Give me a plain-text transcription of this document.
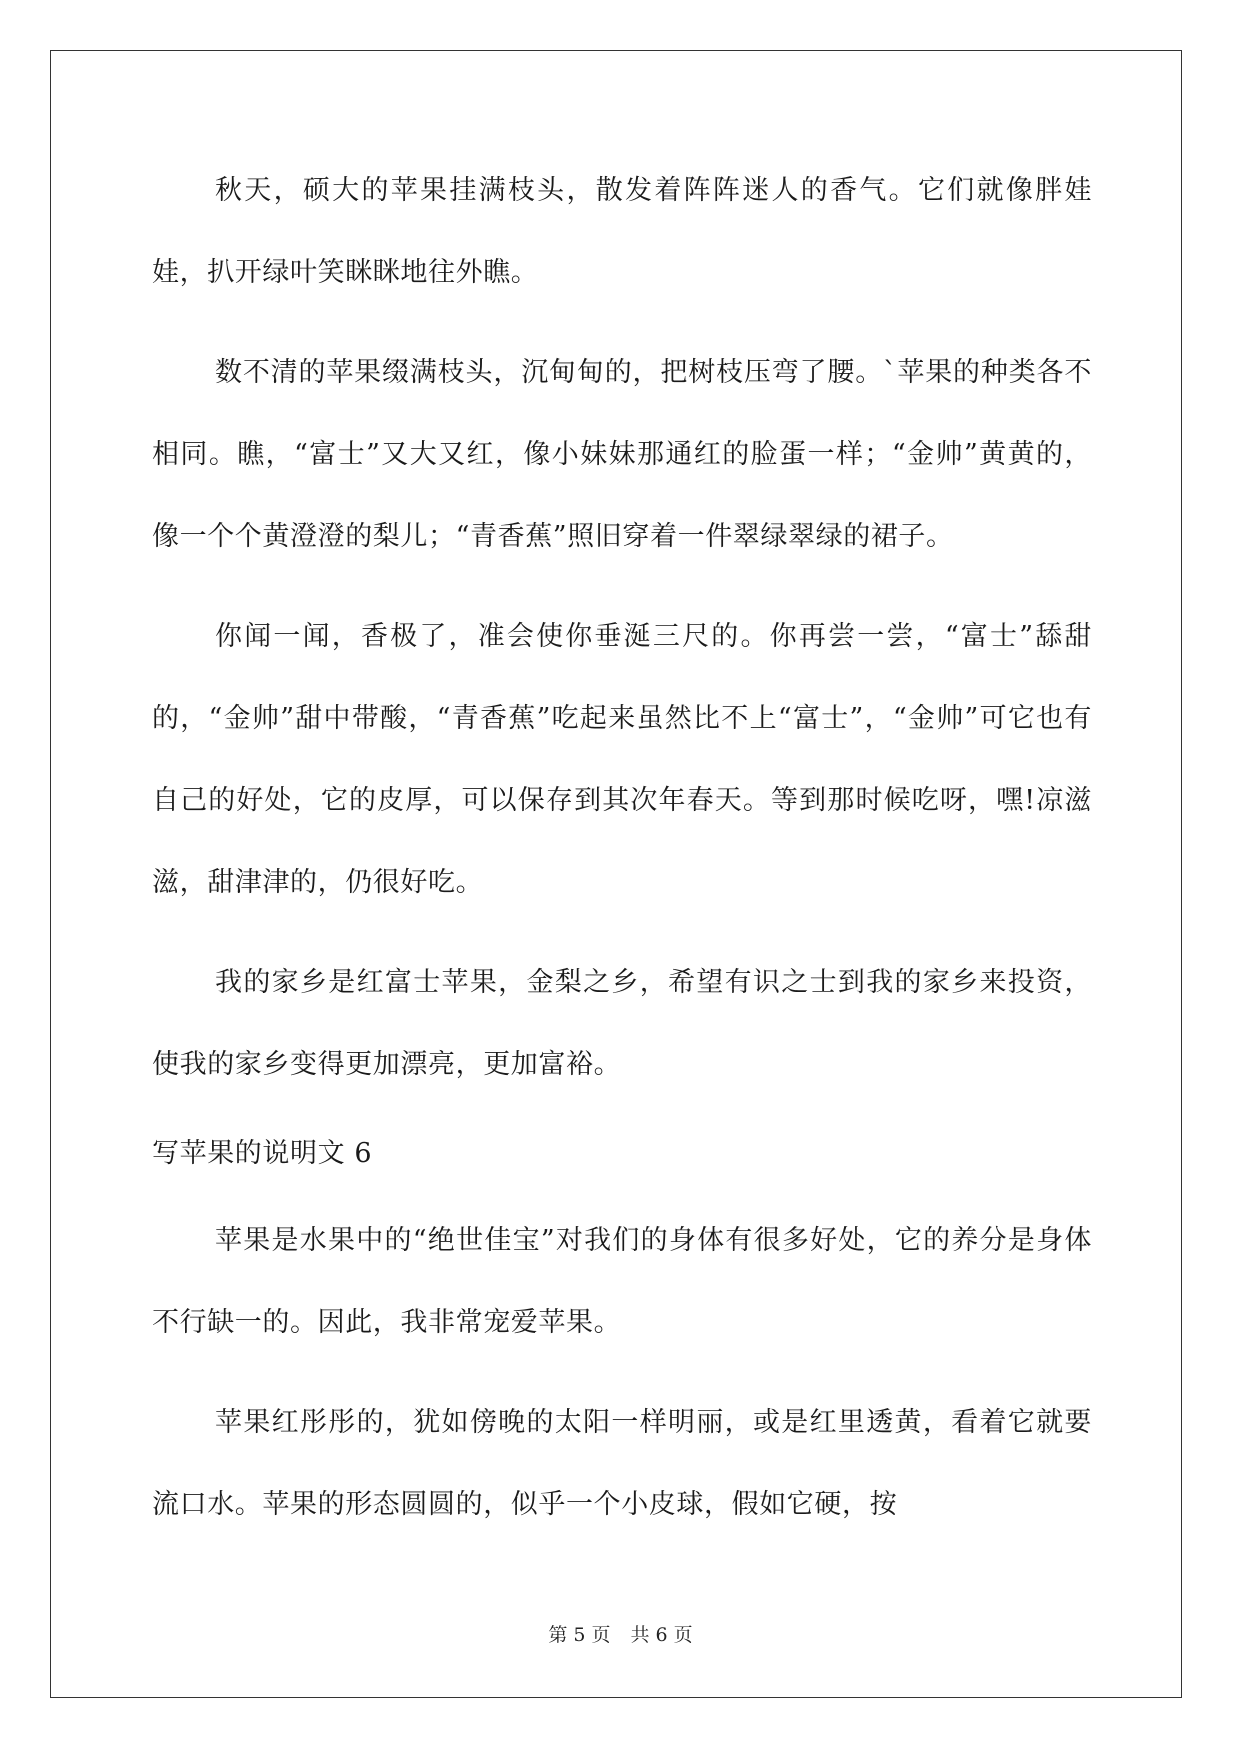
秋天，硕大的苹果挂满枝头，散发着阵阵迷人的香气。它们就像胖娃娃，扒开绿叶笑眯眯地往外瞧。

数不清的苹果缀满枝头，沉甸甸的，把树枝压弯了腰。`苹果的种类各不相同。瞧，“富士”又大又红，像小妹妹那通红的脸蛋一样；“金帅”黄黄的，像一个个黄澄澄的梨儿；“青香蕉”照旧穿着一件翠绿翠绿的裙子。

你闻一闻，香极了，准会使你垂涎三尺的。你再尝一尝，“富士”舔甜的，“金帅”甜中带酸，“青香蕉”吃起来虽然比不上“富士”，“金帅”可它也有自己的好处，它的皮厚，可以保存到其次年春天。等到那时候吃呀，嘿!凉滋滋，甜津津的，仍很好吃。

我的家乡是红富士苹果，金梨之乡，希望有识之士到我的家乡来投资，使我的家乡变得更加漂亮，更加富裕。

写苹果的说明文 6

苹果是水果中的“绝世佳宝”对我们的身体有很多好处，它的养分是身体不行缺一的。因此，我非常宠爱苹果。

苹果红彤彤的，犹如傍晚的太阳一样明丽，或是红里透黄，看着它就要流口水。苹果的形态圆圆的，似乎一个小皮球，假如它硬，按

第 5 页 共 6 页
